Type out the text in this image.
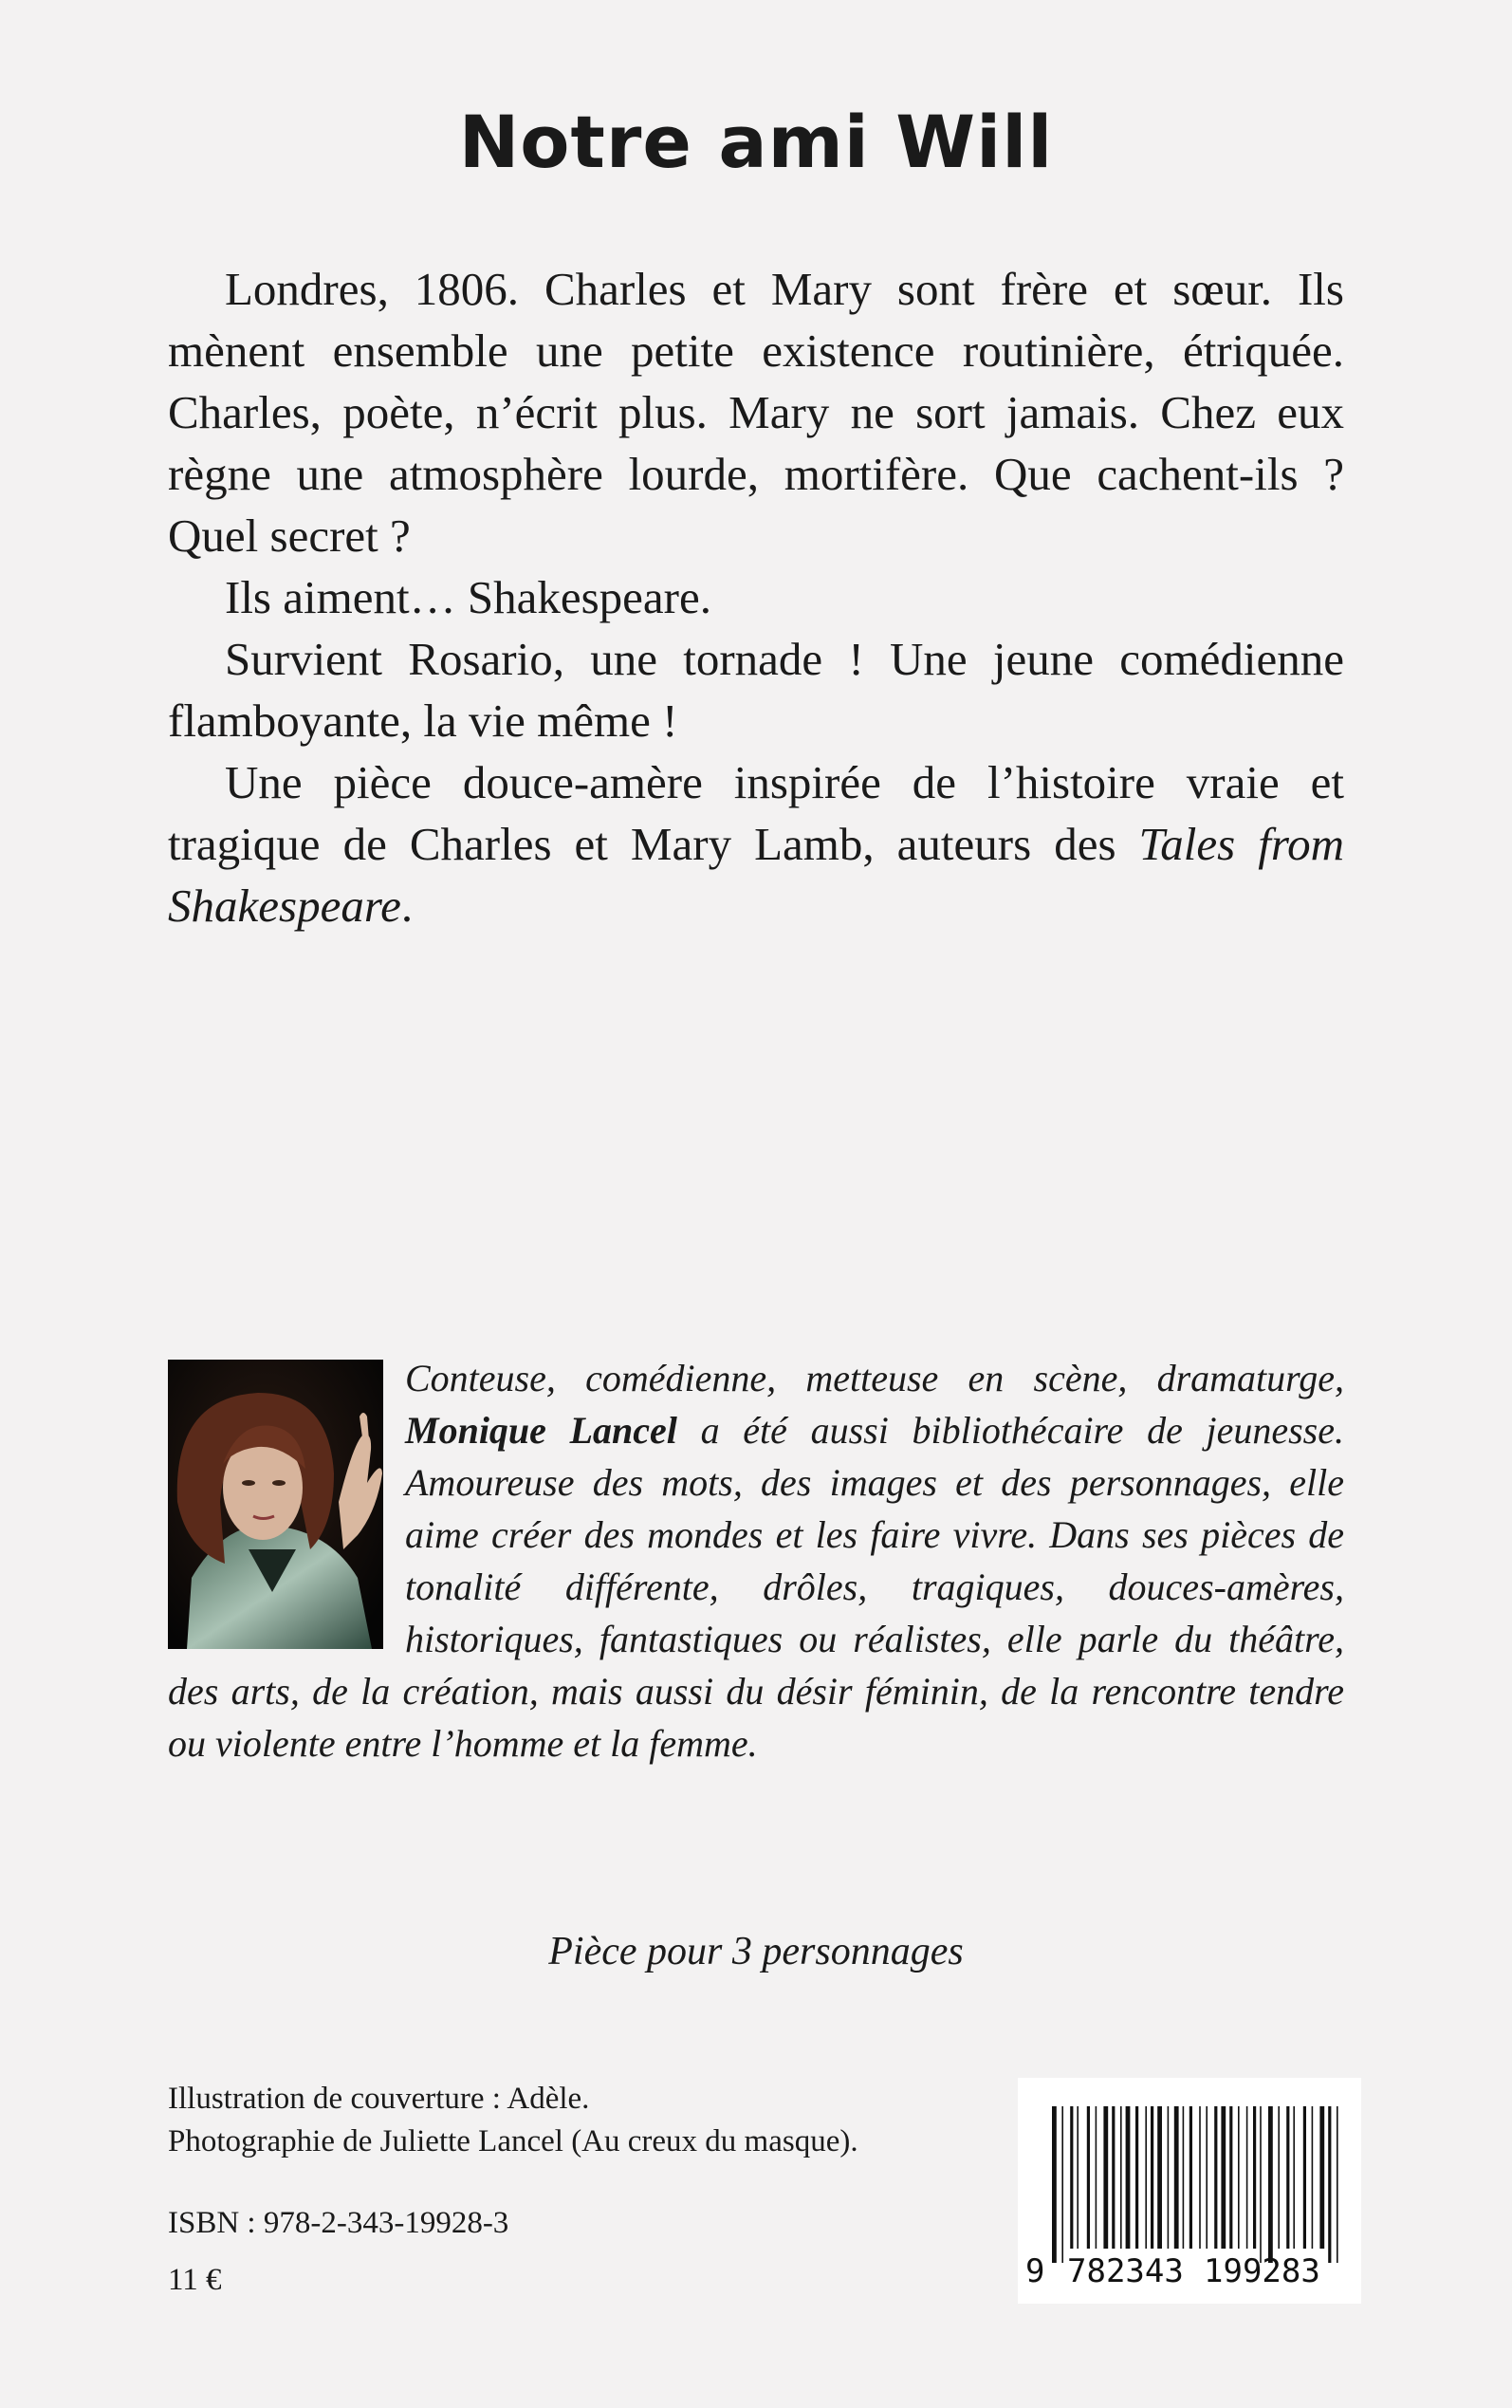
Notre ami Will

Londres, 1806. Charles et Mary sont frère et sœur. Ils mènent ensemble une petite existence routinière, étriquée. Charles, poète, n’écrit plus. Mary ne sort jamais. Chez eux règne une atmosphère lourde, mortifère. Que cachent-ils ? Quel secret ?

Ils aiment… Shakespeare.

Survient Rosario, une tornade ! Une jeune comédienne flamboyante, la vie même !

Une pièce douce-amère inspirée de l’histoire vraie et tragique de Charles et Mary Lamb, auteurs des Tales from Shakespeare.

Conteuse, comédienne, metteuse en scène, dramaturge, Monique Lancel a été aussi bibliothécaire de jeunesse. Amoureuse des mots, des images et des personnages, elle aime créer des mondes et les faire vivre. Dans ses pièces de tonalité différente, drôles, tragiques, douces-amères, historiques, fantastiques ou réalistes, elle parle du théâtre, des arts, de la création, mais aussi du désir féminin, de la rencontre tendre ou violente entre l’homme et la femme.

Pièce pour 3 personnages

Illustration de couverture : Adèle.
Photographie de Juliette Lancel (Au creux du masque).
ISBN : 978-2-343-19928-3
11 €	9 782343 199283
